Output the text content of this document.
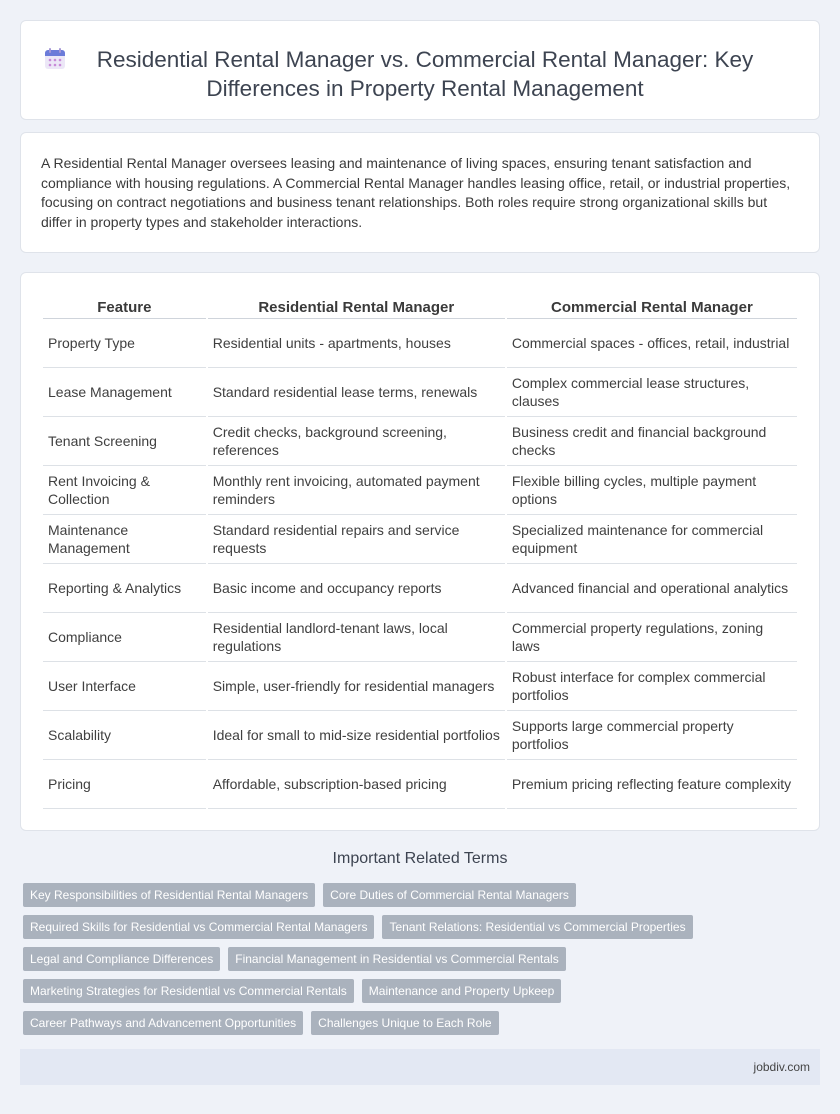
Residential Rental Manager vs. Commercial Rental Manager: Key Differences in Property Rental Management

A Residential Rental Manager oversees leasing and maintenance of living spaces, ensuring tenant satisfaction and compliance with housing regulations. A Commercial Rental Manager handles leasing office, retail, or industrial properties, focusing on contract negotiations and business tenant relationships. Both roles require strong organizational skills but differ in property types and stakeholder interactions.

Feature	Residential Rental Manager	Commercial Rental Manager
Property Type	Residential units - apartments, houses	Commercial spaces - offices, retail, industrial
Lease Management	Standard residential lease terms, renewals	Complex commercial lease structures, clauses
Tenant Screening	Credit checks, background screening, references	Business credit and financial background checks
Rent Invoicing & Collection	Monthly rent invoicing, automated payment reminders	Flexible billing cycles, multiple payment options
Maintenance Management	Standard residential repairs and service requests	Specialized maintenance for commercial equipment
Reporting & Analytics	Basic income and occupancy reports	Advanced financial and operational analytics
Compliance	Residential landlord-tenant laws, local regulations	Commercial property regulations, zoning laws
User Interface	Simple, user-friendly for residential managers	Robust interface for complex commercial portfolios
Scalability	Ideal for small to mid-size residential portfolios	Supports large commercial property portfolios
Pricing	Affordable, subscription-based pricing	Premium pricing reflecting feature complexity
Important Related Terms
Key Responsibilities of Residential Rental Managers	Core Duties of Commercial Rental Managers
Required Skills for Residential vs Commercial Rental Managers	Tenant Relations: Residential vs Commercial Properties
Legal and Compliance Differences	Financial Management in Residential vs Commercial Rentals
Marketing Strategies for Residential vs Commercial Rentals	Maintenance and Property Upkeep
Career Pathways and Advancement Opportunities	Challenges Unique to Each Role
jobdiv.com
